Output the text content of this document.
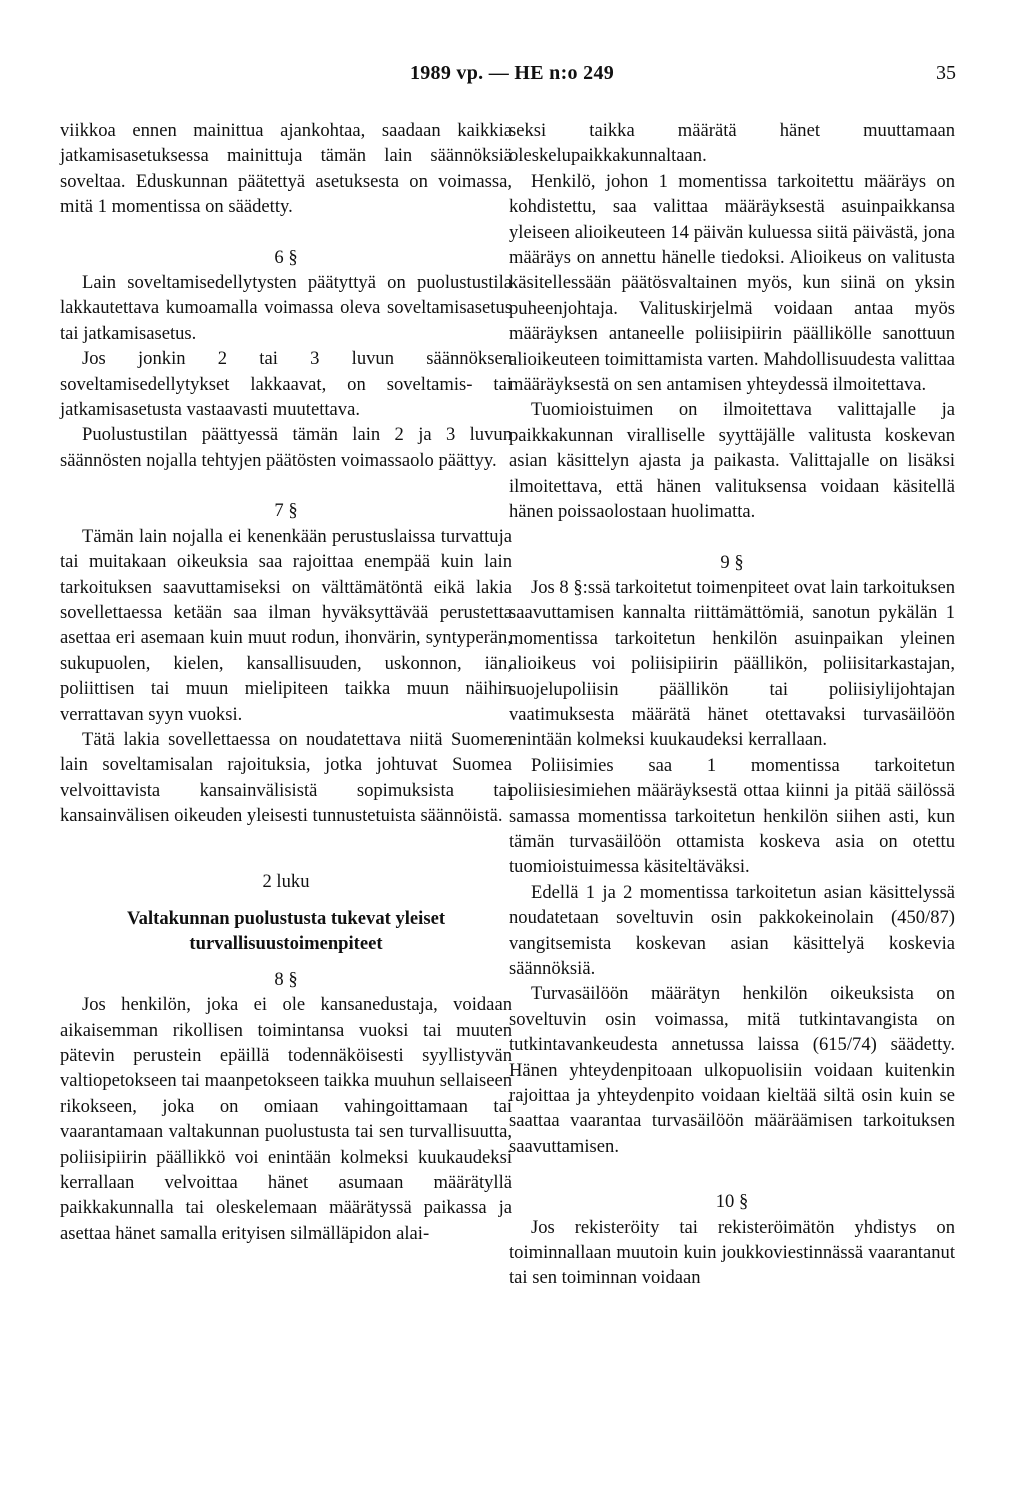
1989 vp. — HE n:o 249	35

viikkoa ennen mainittua ajankohtaa, saadaan kaikkia jatkamisasetuksessa mainittuja tämän lain säännöksiä soveltaa. Eduskunnan päätettyä asetuksesta on voimassa, mitä 1 momentissa on säädetty.

6 §

Lain soveltamisedellytysten päätyttyä on puolustustila lakkautettava kumoamalla voimassa oleva soveltamisasetus tai jatkamisasetus.

Jos jonkin 2 tai 3 luvun säännöksen soveltamisedellytykset lakkaavat, on soveltamis- tai jatkamisasetusta vastaavasti muutettava.

Puolustustilan päättyessä tämän lain 2 ja 3 luvun säännösten nojalla tehtyjen päätösten voimassaolo päättyy.

7 §

Tämän lain nojalla ei kenenkään perustuslaissa turvattuja tai muitakaan oikeuksia saa rajoittaa enempää kuin lain tarkoituksen saavuttamiseksi on välttämätöntä eikä lakia sovellettaessa ketään saa ilman hyväksyttävää perustetta asettaa eri asemaan kuin muut rodun, ihonvärin, syntyperän, sukupuolen, kielen, kansallisuuden, uskonnon, iän, poliittisen tai muun mielipiteen taikka muun näihin verrattavan syyn vuoksi.

Tätä lakia sovellettaessa on noudatettava niitä Suomen lain soveltamisalan rajoituksia, jotka johtuvat Suomea velvoittavista kansainvälisistä sopimuksista tai kansainvälisen oikeuden yleisesti tunnustetuista säännöistä.

2 luku
Valtakunnan puolustusta tukevat yleiset turvallisuustoimenpiteet
8 §

Jos henkilön, joka ei ole kansanedustaja, voidaan aikaisemman rikollisen toimintansa vuoksi tai muuten pätevin perustein epäillä todennäköisesti syyllistyvän valtiopetokseen tai maanpetokseen taikka muuhun sellaiseen rikokseen, joka on omiaan vahingoittamaan tai vaarantamaan valtakunnan puolustusta tai sen turvallisuutta, poliisipiirin päällikkö voi enintään kolmeksi kuukaudeksi kerrallaan velvoittaa hänet asumaan määrätyllä paikkakunnalla tai oleskelemaan määrätyssä paikassa ja asettaa hänet samalla erityisen silmälläpidon alai-

seksi taikka määrätä hänet muuttamaan oleskelupaikkakunnaltaan.

Henkilö, johon 1 momentissa tarkoitettu määräys on kohdistettu, saa valittaa määräyksestä asuinpaikkansa yleiseen alioikeuteen 14 päivän kuluessa siitä päivästä, jona määräys on annettu hänelle tiedoksi. Alioikeus on valitusta käsitellessään päätösvaltainen myös, kun siinä on yksin puheenjohtaja. Valituskirjelmä voidaan antaa myös määräyksen antaneelle poliisipiirin päällikölle sanottuun alioikeuteen toimittamista varten. Mahdollisuudesta valittaa määräyksestä on sen antamisen yhteydessä ilmoitettava.

Tuomioistuimen on ilmoitettava valittajalle ja paikkakunnan viralliselle syyttäjälle valitusta koskevan asian käsittelyn ajasta ja paikasta. Valittajalle on lisäksi ilmoitettava, että hänen valituksensa voidaan käsitellä hänen poissaolostaan huolimatta.

9 §

Jos 8 §:ssä tarkoitetut toimenpiteet ovat lain tarkoituksen saavuttamisen kannalta riittämättömiä, sanotun pykälän 1 momentissa tarkoitetun henkilön asuinpaikan yleinen alioikeus voi poliisipiirin päällikön, poliisitarkastajan, suojelupoliisin päällikön tai poliisiylijohtajan vaatimuksesta määrätä hänet otettavaksi turvasäilöön enintään kolmeksi kuukaudeksi kerrallaan.

Poliisimies saa 1 momentissa tarkoitetun poliisiesimiehen määräyksestä ottaa kiinni ja pitää säilössä samassa momentissa tarkoitetun henkilön siihen asti, kun tämän turvasäilöön ottamista koskeva asia on otettu tuomioistuimessa käsiteltäväksi.

Edellä 1 ja 2 momentissa tarkoitetun asian käsittelyssä noudatetaan soveltuvin osin pakkokeinolain (450/87) vangitsemista koskevan asian käsittelyä koskevia säännöksiä.

Turvasäilöön määrätyn henkilön oikeuksista on soveltuvin osin voimassa, mitä tutkintavangista on tutkintavankeudesta annetussa laissa (615/74) säädetty. Hänen yhteydenpitoaan ulkopuolisiin voidaan kuitenkin rajoittaa ja yhteydenpito voidaan kieltää siltä osin kuin se saattaa vaarantaa turvasäilöön määräämisen tarkoituksen saavuttamisen.

10 §

Jos rekisteröity tai rekisteröimätön yhdistys on toiminnallaan muutoin kuin joukkoviestinnässä vaarantanut tai sen toiminnan voidaan
